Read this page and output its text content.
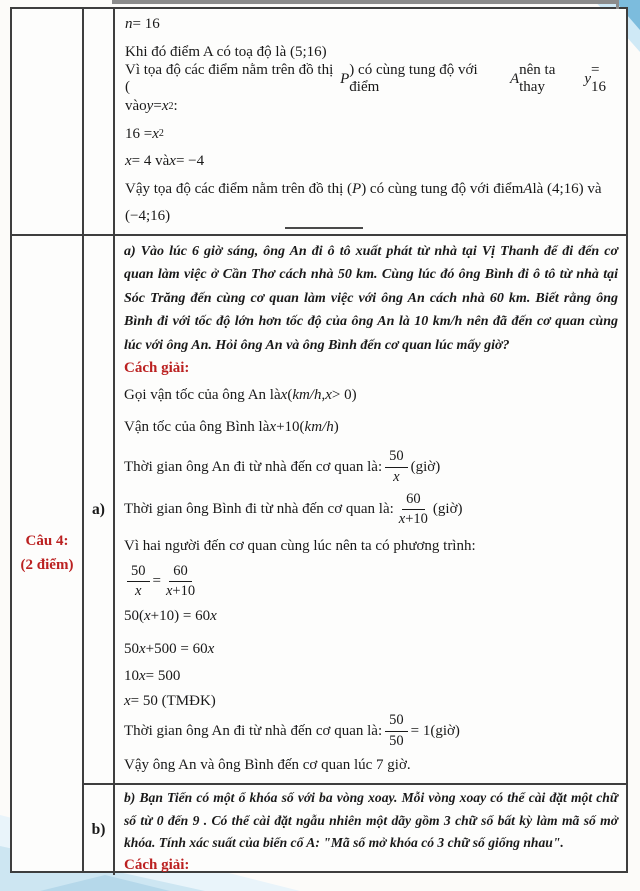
n = 16
Khi đó điểm A có toạ độ là (5;16)
Vì tọa độ các điểm nằm trên đồ thị (
P
) có cùng tung độ với điểm
A
nên ta thay
y
= 16
vào y = x 2 :
16 = x 2
x = 4 và x = −4
Vậy tọa độ các điểm nằm trên đồ thị ( P ) có cùng tung độ với điểm A là (4;16) và
(−4;16)
Câu 4:
(2 điểm)
a)
a) Vào lúc 6 giờ sáng, ông An đi ô tô xuất phát từ nhà tại Vị Thanh để đi đến cơ quan làm việc ở Cần Thơ cách nhà 50 km. Cùng lúc đó ông Bình đi ô tô từ nhà tại Sóc Trăng đến cùng cơ quan làm việc với ông An cách nhà 60 km. Biết rằng ông Bình đi với tốc độ lớn hơn tốc độ của ông An là 10 km/h nên đã đến cơ quan cùng lúc với ông An. Hỏi ông An và ông Bình đến cơ quan lúc mấy giờ?
Cách giải:
Gọi vận tốc của ông An là x ( km/h , x > 0)
Vận tốc của ông Bình là x +10( km/h )
Thời gian ông An đi từ nhà đến cơ quan là: $\frac{50}{x}$ (giờ)
Thời gian ông Bình đi từ nhà đến cơ quan là: $\frac{60}{x+10}$ (giờ)
Vì hai người đến cơ quan cùng lúc nên ta có phương trình:
$\frac{50}{x} = \frac{60}{x+10}$
50( x +10) = 60 x
50 x +500 = 60 x
10 x = 500
x = 50 (TMĐK)
Thời gian ông An đi từ nhà đến cơ quan là: $\frac{50}{50}$ = 1(giờ)
Vậy ông An và ông Bình đến cơ quan lúc 7 giờ.
b)
b) Bạn Tiến có một ổ khóa số với ba vòng xoay. Mỗi vòng xoay có thể cài đặt một chữ số từ 0 đến 9 . Có thể cài đặt ngẫu nhiên một dãy gồm 3 chữ số bất kỳ làm mã số mở khóa. Tính xác suất của biến cố A: "Mã số mở khóa có 3 chữ số giống nhau".
Cách giải:
